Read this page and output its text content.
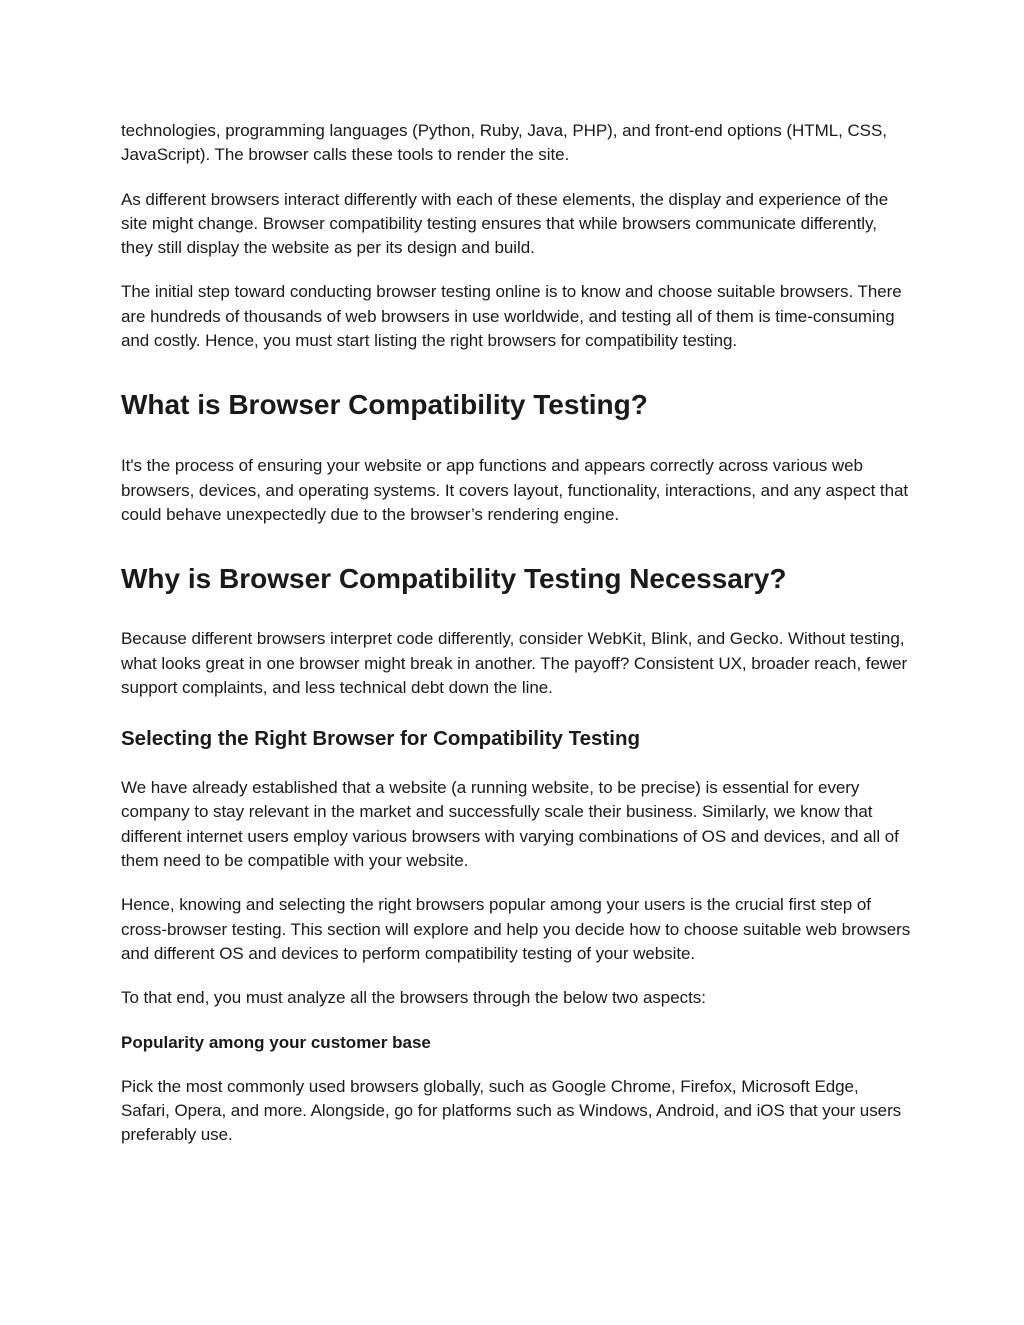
technologies, programming languages (Python, Ruby, Java, PHP), and front-end options (HTML, CSS, JavaScript). The browser calls these tools to render the site.

As different browsers interact differently with each of these elements, the display and experience of the site might change. Browser compatibility testing ensures that while browsers communicate differently, they still display the website as per its design and build.

The initial step toward conducting browser testing online is to know and choose suitable browsers. There are hundreds of thousands of web browsers in use worldwide, and testing all of them is time-consuming and costly. Hence, you must start listing the right browsers for compatibility testing.

What is Browser Compatibility Testing?

It's the process of ensuring your website or app functions and appears correctly across various web browsers, devices, and operating systems. It covers layout, functionality, interactions, and any aspect that could behave unexpectedly due to the browser’s rendering engine.

Why is Browser Compatibility Testing Necessary?

Because different browsers interpret code differently, consider WebKit, Blink, and Gecko. Without testing, what looks great in one browser might break in another. The payoff? Consistent UX, broader reach, fewer support complaints, and less technical debt down the line.

Selecting the Right Browser for Compatibility Testing

We have already established that a website (a running website, to be precise) is essential for every company to stay relevant in the market and successfully scale their business. Similarly, we know that different internet users employ various browsers with varying combinations of OS and devices, and all of them need to be compatible with your website.

Hence, knowing and selecting the right browsers popular among your users is the crucial first step of cross-browser testing. This section will explore and help you decide how to choose suitable web browsers and different OS and devices to perform compatibility testing of your website.

To that end, you must analyze all the browsers through the below two aspects:

Popularity among your customer base

Pick the most commonly used browsers globally, such as Google Chrome, Firefox, Microsoft Edge, Safari, Opera, and more. Alongside, go for platforms such as Windows, Android, and iOS that your users preferably use.
